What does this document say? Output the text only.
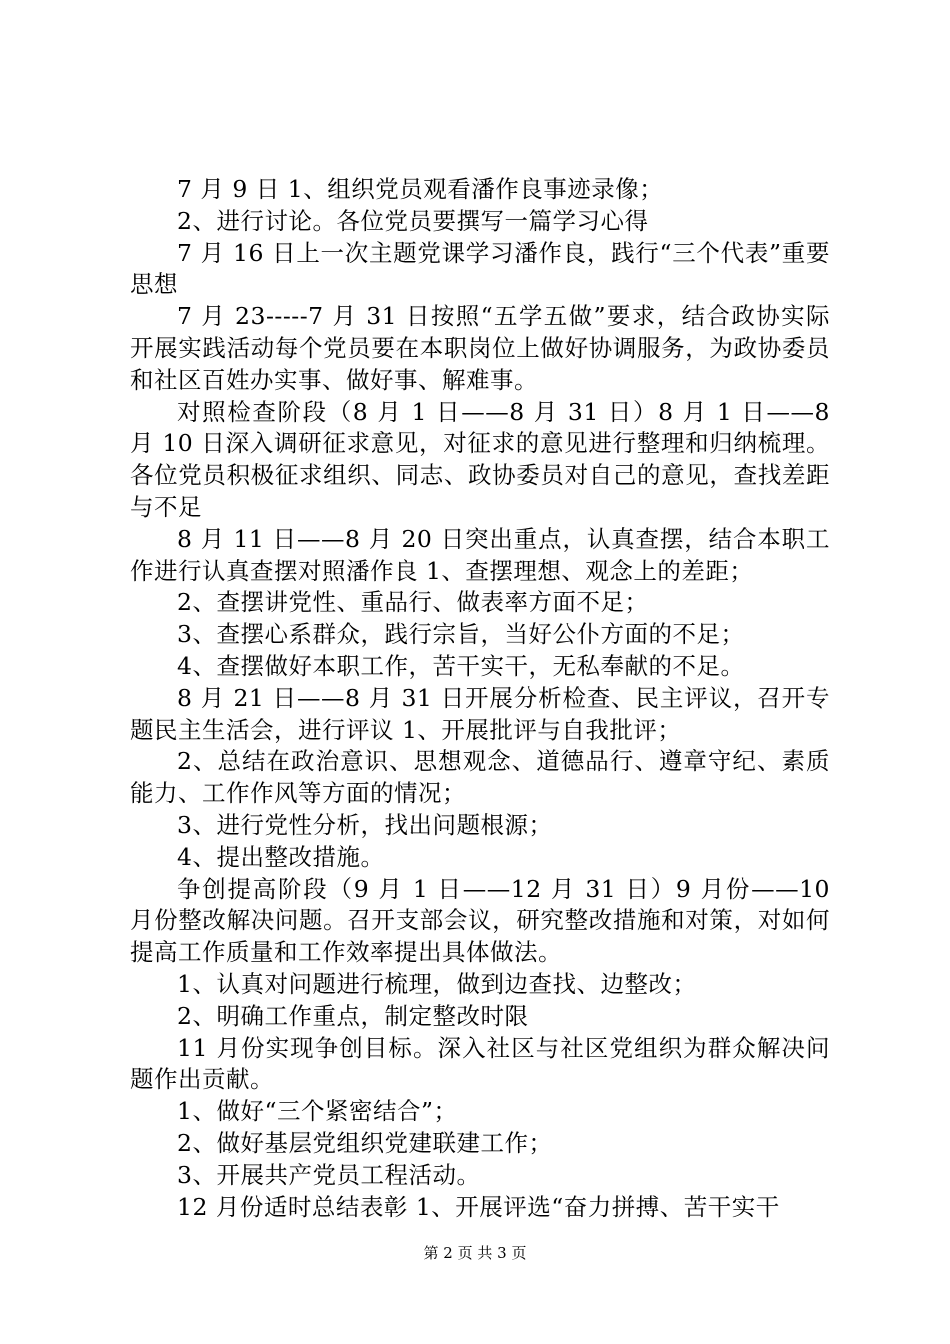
7 月 9 日 1、组织党员观看潘作良事迹录像；

2、进行讨论。各位党员要撰写一篇学习心得

7 月 16 日上一次主题党课学习潘作良，践行“三个代表”重要思想

7 月 23-----7 月 31 日按照“五学五做”要求，结合政协实际开展实践活动每个党员要在本职岗位上做好协调服务，为政协委员和社区百姓办实事、做好事、解难事。

对照检查阶段（8 月 1 日——8 月 31 日）8 月 1 日——8 月 10 日深入调研征求意见，对征求的意见进行整理和归纳梳理。各位党员积极征求组织、同志、政协委员对自己的意见，查找差距与不足

8 月 11 日——8 月 20 日突出重点，认真查摆，结合本职工作进行认真查摆对照潘作良 1、查摆理想、观念上的差距；

2、查摆讲党性、重品行、做表率方面不足；

3、查摆心系群众，践行宗旨，当好公仆方面的不足；

4、查摆做好本职工作，苦干实干，无私奉献的不足。

8 月 21 日——8 月 31 日开展分析检查、民主评议，召开专题民主生活会，进行评议 1、开展批评与自我批评；

2、总结在政治意识、思想观念、道德品行、遵章守纪、素质能力、工作作风等方面的情况；

3、进行党性分析，找出问题根源；

4、提出整改措施。

争创提高阶段（9 月 1 日——12 月 31 日）9 月份——10 月份整改解决问题。召开支部会议，研究整改措施和对策，对如何提高工作质量和工作效率提出具体做法。

1、认真对问题进行梳理，做到边查找、边整改；

2、明确工作重点，制定整改时限

11 月份实现争创目标。深入社区与社区党组织为群众解决问题作出贡献。

1、做好“三个紧密结合”；

2、做好基层党组织党建联建工作；

3、开展共产党员工程活动。

12 月份适时总结表彰 1、开展评选“奋力拼搏、苦干实干

第 2 页 共 3 页
